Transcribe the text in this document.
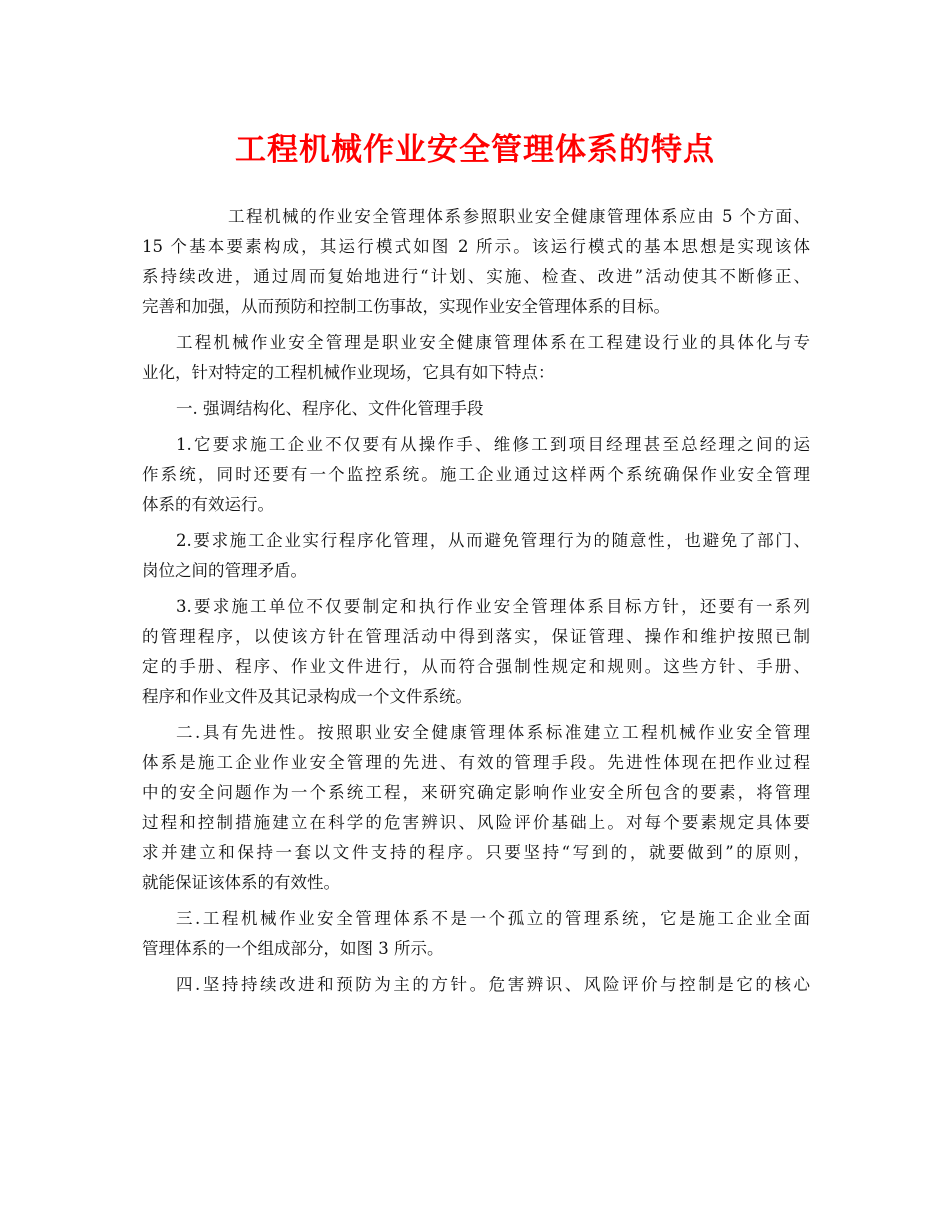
工程机械作业安全管理体系的特点
工程机械的作业安全管理体系参照职业安全健康管理体系应由 5 个方面、
15 个基本要素构成，其运行模式如图 2 所示。该运行模式的基本思想是实现该体
系持续改进，通过周而复始地进行“计划、实施、检查、改进”活动使其不断修正、
完善和加强，从而预防和控制工伤事故，实现作业安全管理体系的目标。
工程机械作业安全管理是职业安全健康管理体系在工程建设行业的具体化与专
业化，针对特定的工程机械作业现场，它具有如下特点：
一. 强调结构化、程序化、文件化管理手段
1.它要求施工企业不仅要有从操作手、维修工到项目经理甚至总经理之间的运
作系统，同时还要有一个监控系统。施工企业通过这样两个系统确保作业安全管理
体系的有效运行。
2.要求施工企业实行程序化管理，从而避免管理行为的随意性，也避免了部门、
岗位之间的管理矛盾。
3.要求施工单位不仅要制定和执行作业安全管理体系目标方针，还要有一系列
的管理程序，以使该方针在管理活动中得到落实，保证管理、操作和维护按照已制
定的手册、程序、作业文件进行，从而符合强制性规定和规则。这些方针、手册、
程序和作业文件及其记录构成一个文件系统。
二.具有先进性。按照职业安全健康管理体系标准建立工程机械作业安全管理
体系是施工企业作业安全管理的先进、有效的管理手段。先进性体现在把作业过程
中的安全问题作为一个系统工程，来研究确定影响作业安全所包含的要素，将管理
过程和控制措施建立在科学的危害辨识、风险评价基础上。对每个要素规定具体要
求并建立和保持一套以文件支持的程序。只要坚持“写到的，就要做到”的原则，
就能保证该体系的有效性。
三.工程机械作业安全管理体系不是一个孤立的管理系统，它是施工企业全面
管理体系的一个组成部分，如图 3 所示。
四.坚持持续改进和预防为主的方针。危害辨识、风险评价与控制是它的核心
